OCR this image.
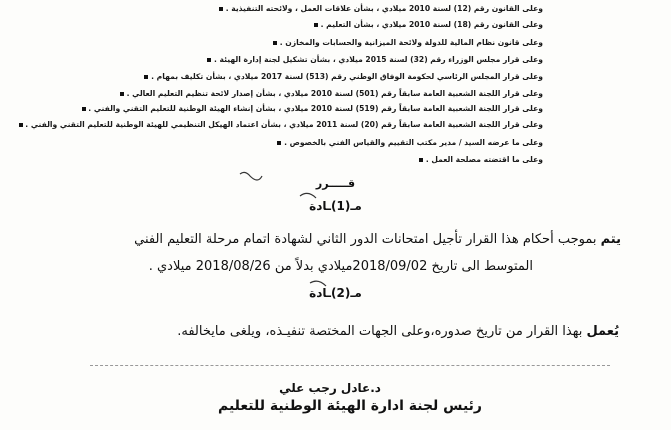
وعلى القانون رقم (12) لسنة 2010 ميلادي ، بشأن علاقات العمل ، ولائحته التنفيذية .
وعلى القانون رقم (18) لسنة 2010 ميلادي ، بشأن التعليم .
وعلى قانون نظام المالية للدولة ولائحة الميزانية والحسابات والمخازن .
وعلى قرار مجلس الوزراء رقم (32) لسنة 2015 ميلادي ، بشأن تشكيل لجنة إدارة الهيئة .
وعلى قرار المجلس الرئاسي لحكومة الوفاق الوطني رقم (513) لسنة 2017 ميلادي ، بشأن تكليف بمهام .
وعلى قرار اللجنة الشعبية العامة سابقاً رقم (501) لسنة 2010 ميلادي ، بشأن إصدار لائحة تنظيم التعليم العالي .
وعلى قرار اللجنة الشعبية العامة سابقاً رقم (519) لسنة 2010 ميلادي ، بشأن إنشاء الهيئة الوطنية للتعليم التقني والفني .
وعلى قرار اللجنة الشعبية العامة سابقاً رقم (20) لسنة 2011 ميلادي ، بشأن اعتماد الهيكل التنظيمي للهيئة الوطنية للتعليم التقني والفني .
وعلى ما عرضه السيد / مدير مكتب التقييم والقياس الفني بالخصوص .
وعلى ما اقتضته مصلحة العمل .
قـــــرر
مـ(1)ـادة
يتم بموجب أحكام هذا القرار تأجيل امتحانات الدور الثاني لشهادة اتمام مرحلة التعليم الفني
المتوسط الى تاريخ 2018/09/02ميلادي بدلاً من 2018/08/26 ميلادي .
مـ(2)ـادة
يُعمل بهذا القرار من تاريخ صدوره،وعلى الجهات المختصة تنفيـذه، ويلغى مايخالفه.
د.عادل رجب علي
رئيس لجنة ادارة الهيئة الوطنية للتعليم
